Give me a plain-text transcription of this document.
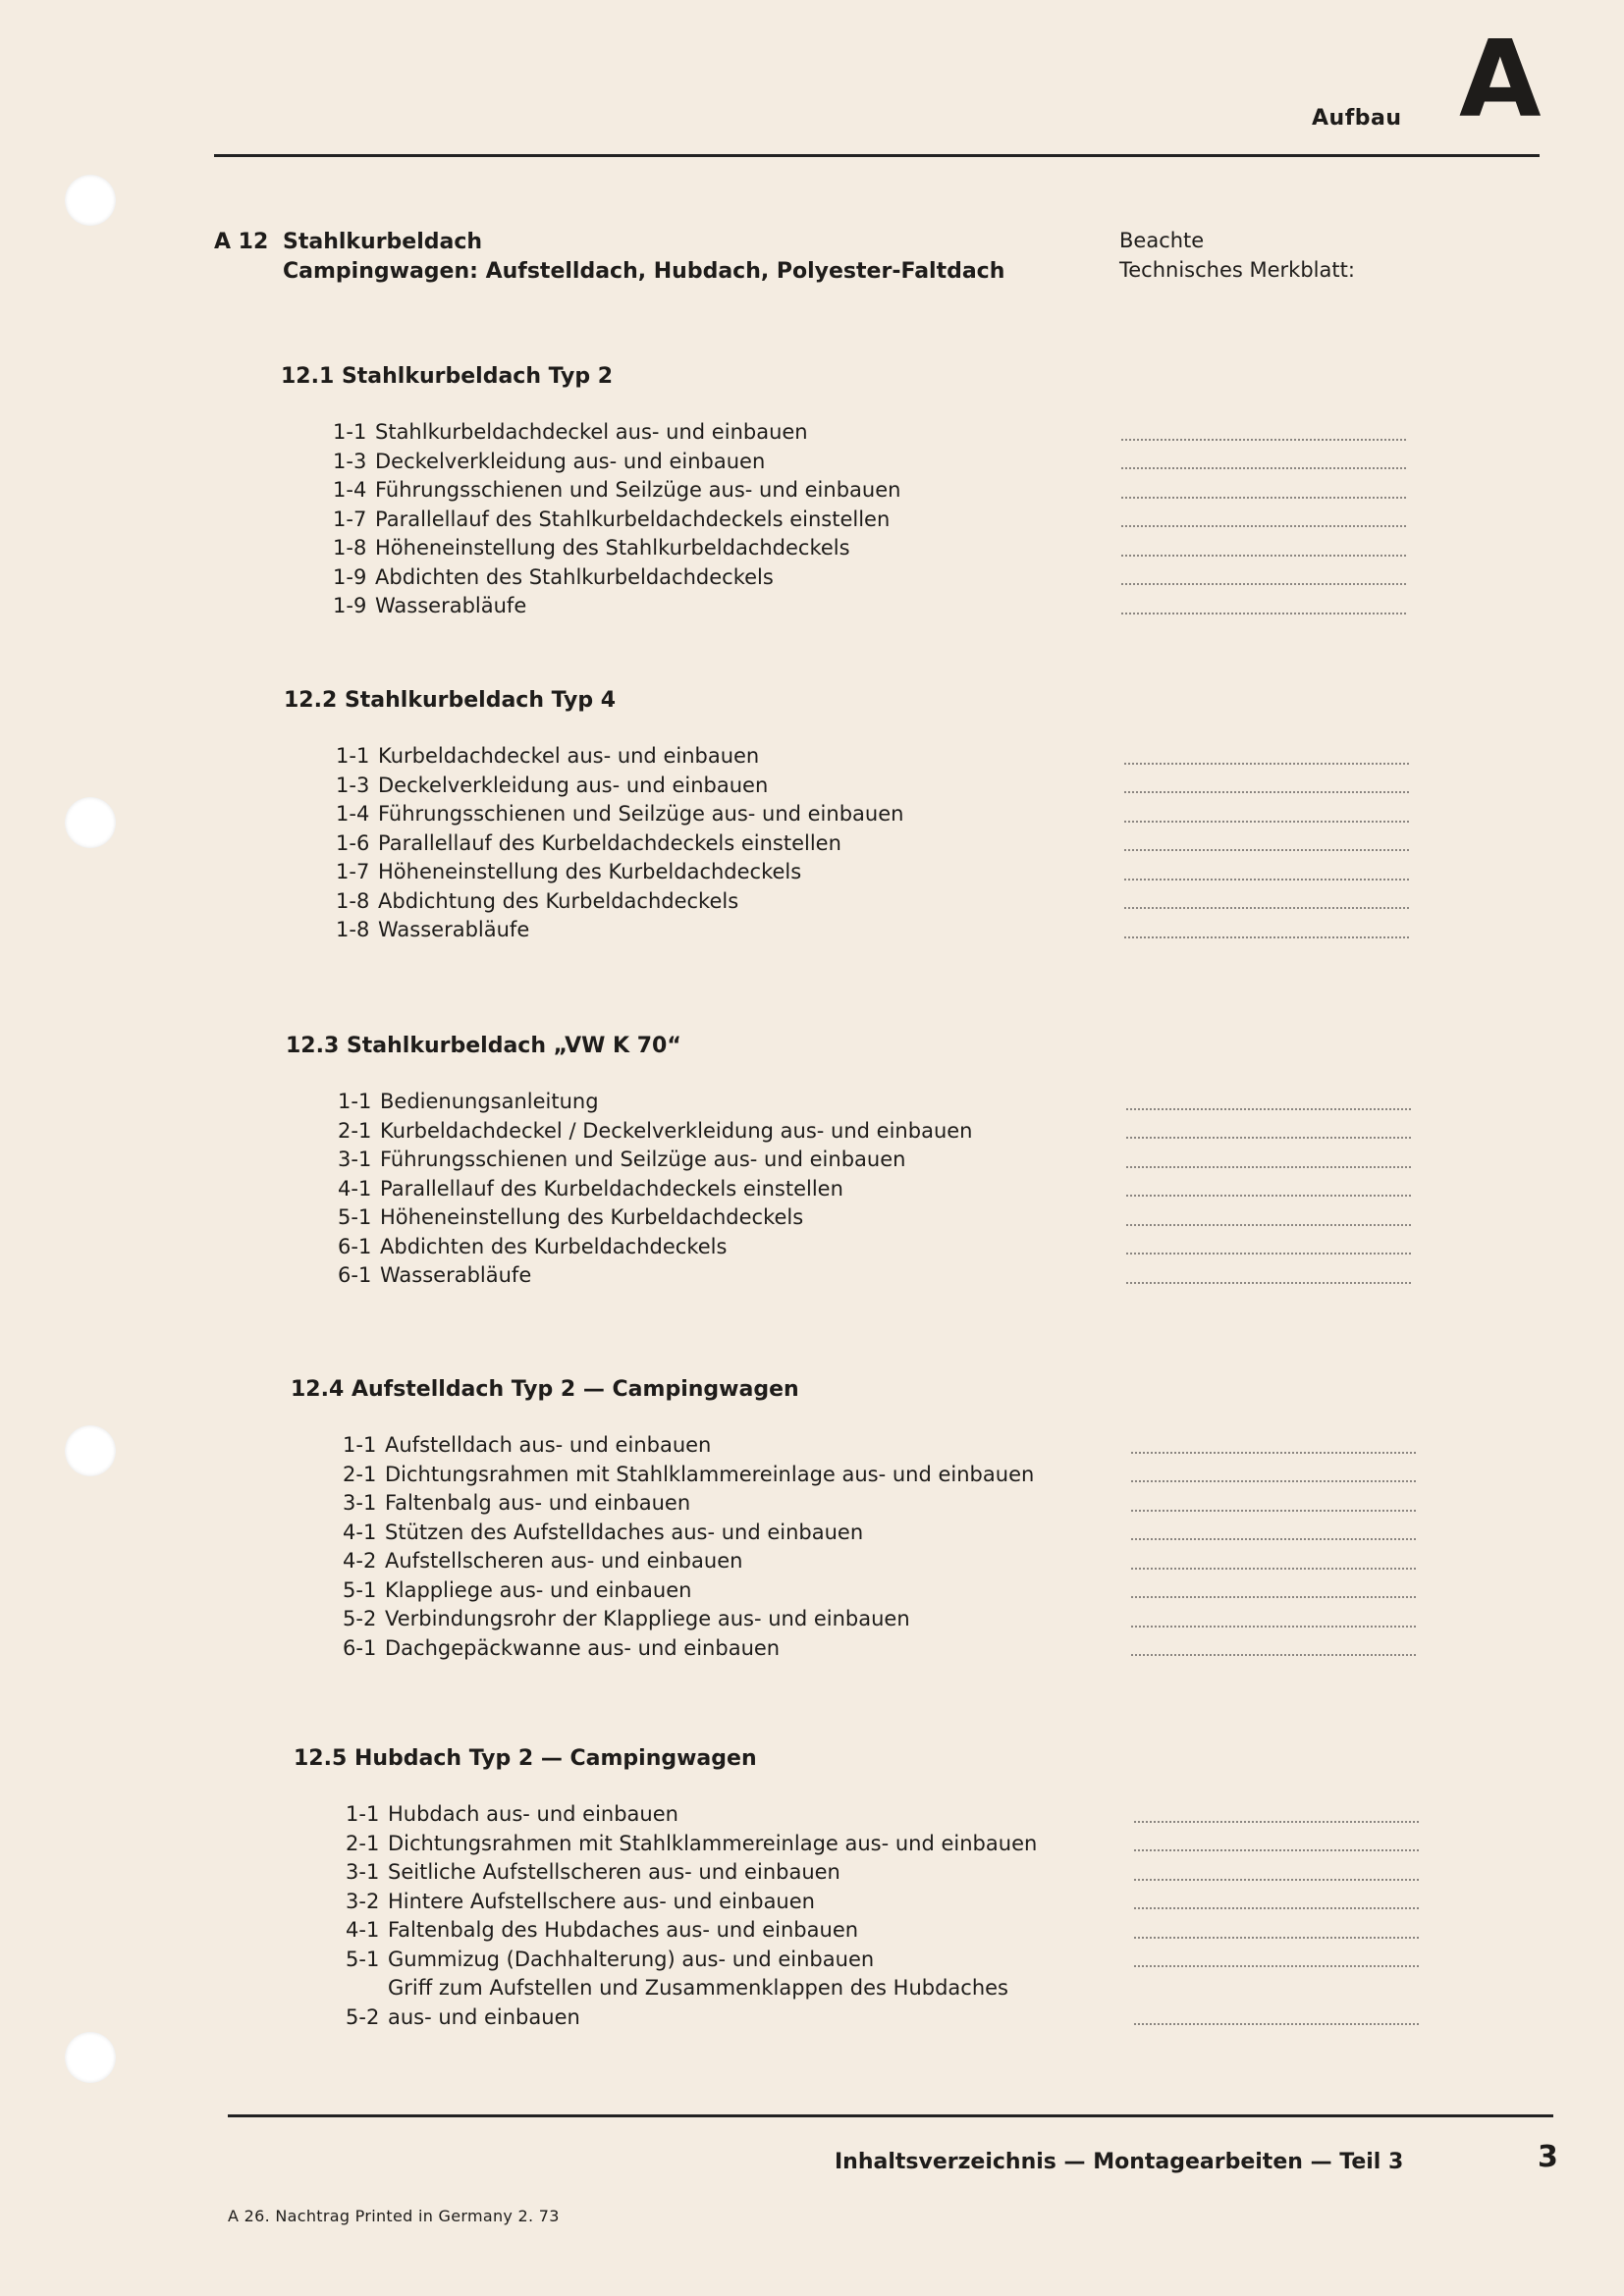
Aufbau A
A 12 Stahlkurbeldach
Campingwagen: Aufstelldach, Hubdach, Polyester-Faltdach
Beachte
Technisches Merkblatt:
12.1 Stahlkurbeldach Typ 2
1-1 Stahlkurbeldachdeckel aus- und einbauen
1-3 Deckelverkleidung aus- und einbauen
1-4 Führungsschienen und Seilzüge aus- und einbauen
1-7 Parallellauf des Stahlkurbeldachdeckels einstellen
1-8 Höheneinstellung des Stahlkurbeldachdeckels
1-9 Abdichten des Stahlkurbeldachdeckels
1-9 Wasserabläufe
12.2 Stahlkurbeldach Typ 4
1-1 Kurbeldachdeckel aus- und einbauen
1-3 Deckelverkleidung aus- und einbauen
1-4 Führungsschienen und Seilzüge aus- und einbauen
1-6 Parallellauf des Kurbeldachdeckels einstellen
1-7 Höheneinstellung des Kurbeldachdeckels
1-8 Abdichtung des Kurbeldachdeckels
1-8 Wasserabläufe
12.3 Stahlkurbeldach „VW K 70“
1-1 Bedienungsanleitung
2-1 Kurbeldachdeckel / Deckelverkleidung aus- und einbauen
3-1 Führungsschienen und Seilzüge aus- und einbauen
4-1 Parallellauf des Kurbeldachdeckels einstellen
5-1 Höheneinstellung des Kurbeldachdeckels
6-1 Abdichten des Kurbeldachdeckels
6-1 Wasserabläufe
12.4 Aufstelldach Typ 2 — Campingwagen
1-1 Aufstelldach aus- und einbauen
2-1 Dichtungsrahmen mit Stahlklammereinlage aus- und einbauen
3-1 Faltenbalg aus- und einbauen
4-1 Stützen des Aufstelldaches aus- und einbauen
4-2 Aufstellscheren aus- und einbauen
5-1 Klappliege aus- und einbauen
5-2 Verbindungsrohr der Klappliege aus- und einbauen
6-1 Dachgepäckwanne aus- und einbauen
12.5 Hubdach Typ 2 — Campingwagen
1-1 Hubdach aus- und einbauen
2-1 Dichtungsrahmen mit Stahlklammereinlage aus- und einbauen
3-1 Seitliche Aufstellscheren aus- und einbauen
3-2 Hintere Aufstellschere aus- und einbauen
4-1 Faltenbalg des Hubdaches aus- und einbauen
5-1 Gummizug (Dachhalterung) aus- und einbauen
5-2
Griff zum Aufstellen und Zusammenklappen des Hubdaches
aus- und einbauen
Inhaltsverzeichnis — Montagearbeiten — Teil 3	3
A 26. Nachtrag Printed in Germany 2. 73
